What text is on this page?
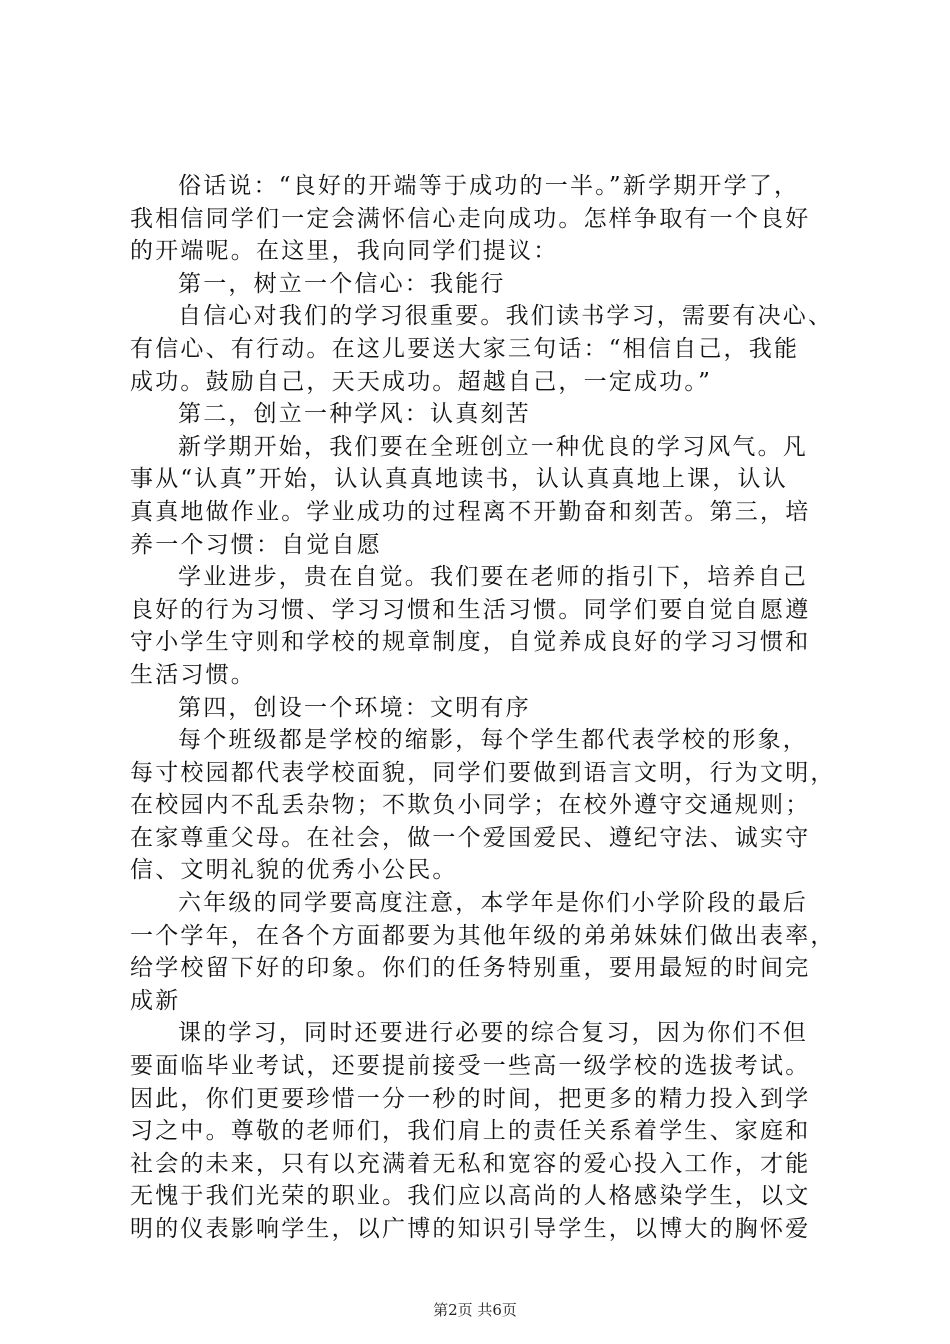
俗话说：“良好的开端等于成功的一半。”新学期开学了，
我相信同学们一定会满怀信心走向成功。怎样争取有一个良好
的开端呢。在这里，我向同学们提议：
第一，树立一个信心：我能行
自信心对我们的学习很重要。我们读书学习，需要有决心、
有信心、有行动。在这儿要送大家三句话：“相信自己，我能
成功。鼓励自己，天天成功。超越自己，一定成功。”
第二，创立一种学风：认真刻苦
新学期开始，我们要在全班创立一种优良的学习风气。凡
事从“认真”开始，认认真真地读书，认认真真地上课，认认
真真地做作业。学业成功的过程离不开勤奋和刻苦。第三，培
养一个习惯：自觉自愿
学业进步，贵在自觉。我们要在老师的指引下，培养自己
良好的行为习惯、学习习惯和生活习惯。同学们要自觉自愿遵
守小学生守则和学校的规章制度，自觉养成良好的学习习惯和
生活习惯。
第四，创设一个环境：文明有序
每个班级都是学校的缩影，每个学生都代表学校的形象，
每寸校园都代表学校面貌，同学们要做到语言文明，行为文明，
在校园内不乱丢杂物；不欺负小同学；在校外遵守交通规则；
在家尊重父母。在社会，做一个爱国爱民、遵纪守法、诚实守
信、文明礼貌的优秀小公民。
六年级的同学要高度注意，本学年是你们小学阶段的最后
一个学年，在各个方面都要为其他年级的弟弟妹妹们做出表率，
给学校留下好的印象。你们的任务特别重，要用最短的时间完
成新
课的学习，同时还要进行必要的综合复习，因为你们不但
要面临毕业考试，还要提前接受一些高一级学校的选拔考试。
因此，你们更要珍惜一分一秒的时间，把更多的精力投入到学
习之中。尊敬的老师们，我们肩上的责任关系着学生、家庭和
社会的未来，只有以充满着无私和宽容的爱心投入工作，才能
无愧于我们光荣的职业。我们应以高尚的人格感染学生，以文
明的仪表影响学生，以广博的知识引导学生，以博大的胸怀爱
第2页 共6页
